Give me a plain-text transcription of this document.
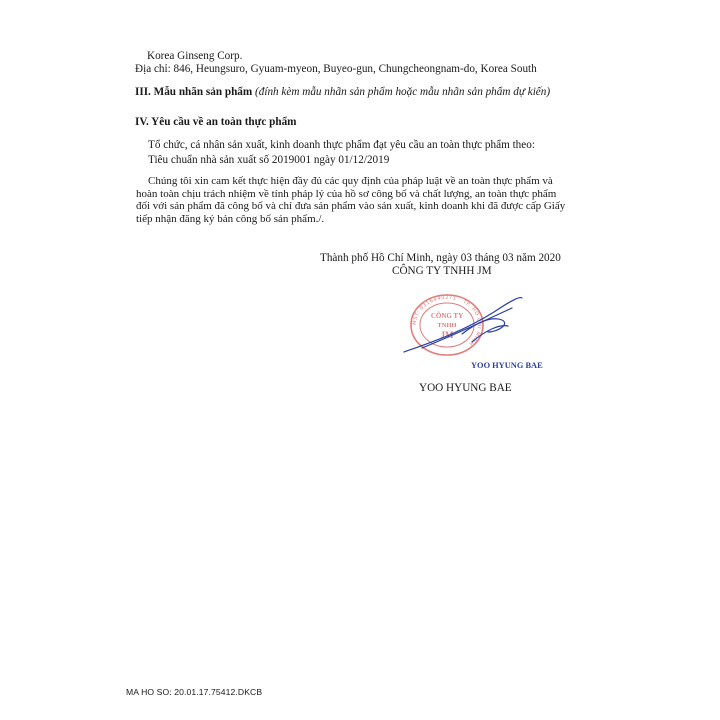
Korea Ginseng Corp.
Địa chỉ: 846, Heungsuro, Gyuam-myeon, Buyeo-gun, Chungcheongnam-do, Korea South
III. Mẫu nhãn sản phẩm (đính kèm mẫu nhãn sản phẩm hoặc mẫu nhãn sản phẩm dự kiến)
IV. Yêu cầu về an toàn thực phẩm
Tổ chức, cá nhân sản xuất, kinh doanh thực phẩm đạt yêu cầu an toàn thực phẩm theo:
Tiêu chuẩn nhà sản xuất số 2019001 ngày 01/12/2019
Chúng tôi xin cam kết thực hiện đầy đủ các quy định của pháp luật về an toàn thực phẩm và
hoàn toàn chịu trách nhiệm về tính pháp lý của hồ sơ công bố và chất lượng, an toàn thực phẩm
đối với sản phẩm đã công bố và chỉ đưa sản phẩm vào sản xuất, kinh doanh khi đã được cấp Giấy
tiếp nhận đăng ký bản công bố sản phẩm./.
Thành phố Hồ Chí Minh, ngày 03 tháng 03 năm 2020
CÔNG TY TNHH JM
MST: 0316440271 · TP. HỒ CHÍ MINH
CÔNG TY
TNHH
JM
YOO HYUNG BAE
YOO HYUNG BAE
MA HO SO: 20.01.17.75412.DKCB
